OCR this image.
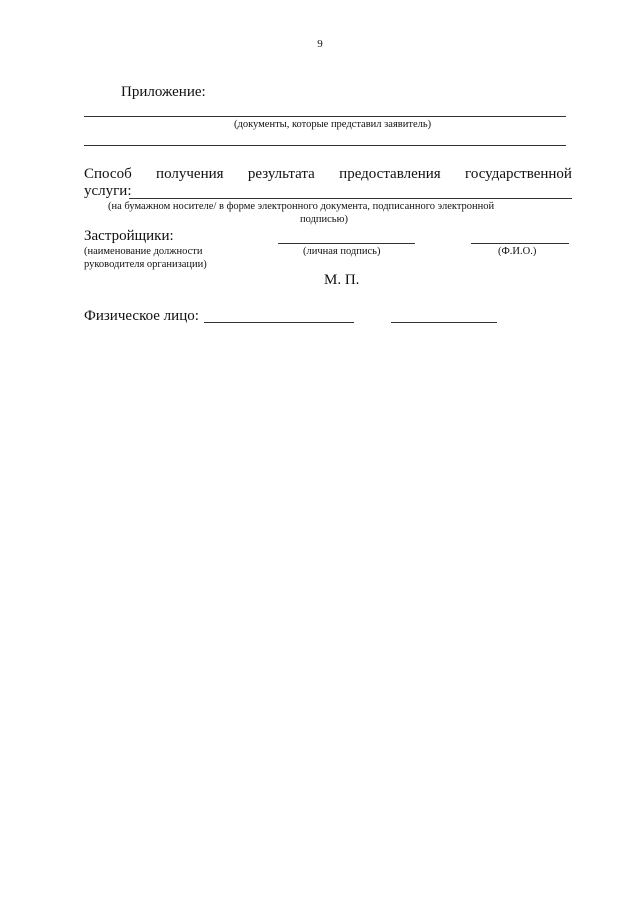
9
Приложение:
(документы, которые представил заявитель)
Способ получения результата предоставления государственной
услуги:
(на бумажном носителе/ в форме электронного документа, подписанного электронной
подписью)
Застройщики:
(наименование должности	(личная подпись)	(Ф.И.О.)
руководителя организации)
М. П.
Физическое лицо:
